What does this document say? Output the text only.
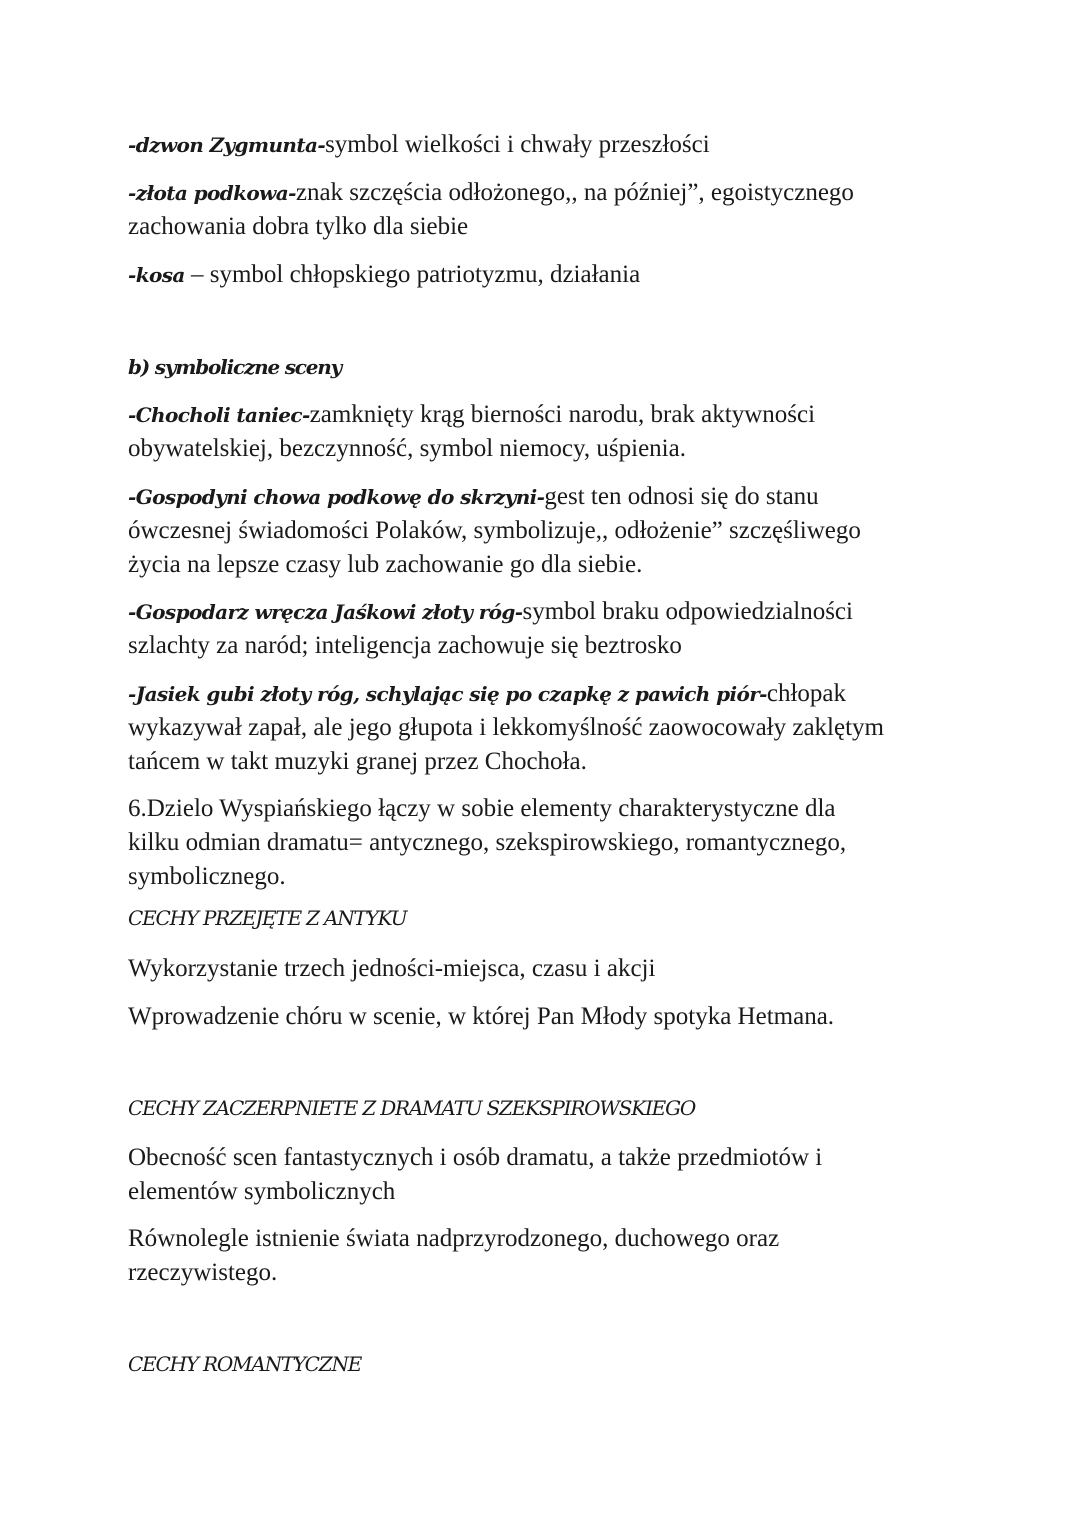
-dzwon Zygmunta-symbol wielkości i chwały przeszłości
-złota podkowa-znak szczęścia odłożonego,, na później”, egoistycznego
zachowania dobra tylko dla siebie
-kosa – symbol chłopskiego patriotyzmu, działania
b) symboliczne sceny
-Chocholi taniec-zamknięty krąg bierności narodu, brak aktywności
obywatelskiej, bezczynność, symbol niemocy, uśpienia.
-Gospodyni chowa podkowę do skrzyni-gest ten odnosi się do stanu
ówczesnej świadomości Polaków, symbolizuje,, odłożenie” szczęśliwego
życia na lepsze czasy lub zachowanie go dla siebie.
-Gospodarz wręcza Jaśkowi złoty róg-symbol braku odpowiedzialności
szlachty za naród; inteligencja zachowuje się beztrosko
-Jasiek gubi złoty róg, schylając się po czapkę z pawich piór-chłopak
wykazywał zapał, ale jego głupota i lekkomyślność zaowocowały zaklętym
tańcem w takt muzyki granej przez Chochoła.
6.Dzielo Wyspiańskiego łączy w sobie elementy charakterystyczne dla
kilku odmian dramatu= antycznego, szekspirowskiego, romantycznego,
symbolicznego.
CECHY PRZEJĘTE Z ANTYKU
Wykorzystanie trzech jedności-miejsca, czasu i akcji
Wprowadzenie chóru w scenie, w której Pan Młody spotyka Hetmana.
CECHY ZACZERPNIETE Z DRAMATU SZEKSPIROWSKIEGO
Obecność scen fantastycznych i osób dramatu, a także przedmiotów i
elementów symbolicznych
Równolegle istnienie świata nadprzyrodzonego, duchowego oraz
rzeczywistego.
CECHY ROMANTYCZNE
